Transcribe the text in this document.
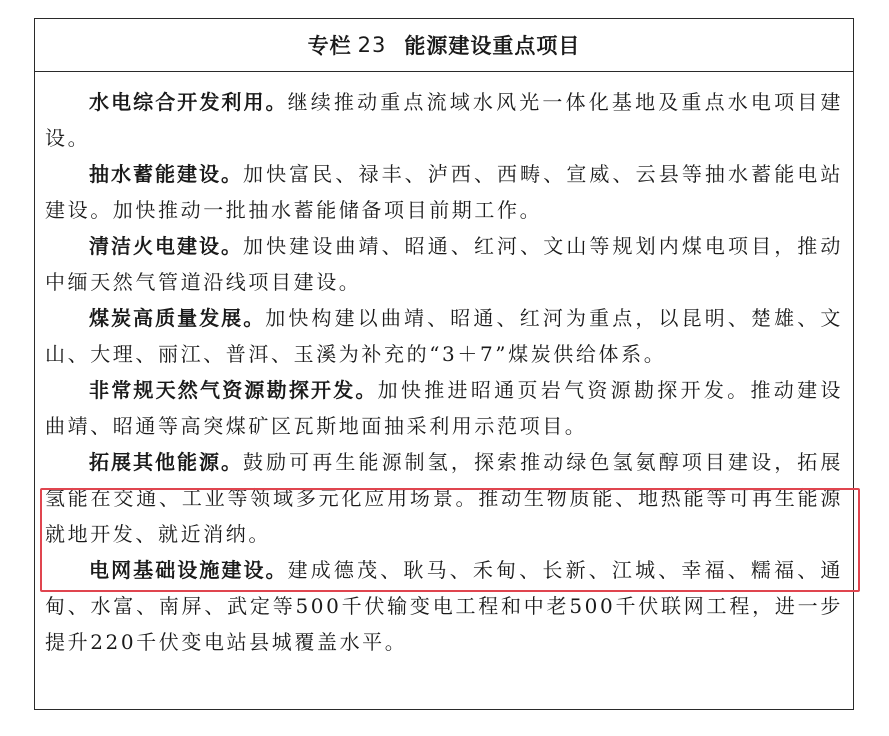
专栏 23 能源建设重点项目

水电综合开发利用。继续推动重点流域水风光一体化基地及重点水电项目建设。

抽水蓄能建设。加快富民、禄丰、泸西、西畴、宣威、云县等抽水蓄能电站建设。加快推动一批抽水蓄能储备项目前期工作。

清洁火电建设。加快建设曲靖、昭通、红河、文山等规划内煤电项目，推动中缅天然气管道沿线项目建设。

煤炭高质量发展。加快构建以曲靖、昭通、红河为重点，以昆明、楚雄、文山、大理、丽江、普洱、玉溪为补充的“3＋7”煤炭供给体系。

非常规天然气资源勘探开发。加快推进昭通页岩气资源勘探开发。推动建设曲靖、昭通等高突煤矿区瓦斯地面抽采利用示范项目。

拓展其他能源。鼓励可再生能源制氢，探索推动绿色氢氨醇项目建设，拓展氢能在交通、工业等领域多元化应用场景。推动生物质能、地热能等可再生能源就地开发、就近消纳。

电网基础设施建设。建成德茂、耿马、禾甸、长新、江城、幸福、糯福、通甸、水富、南屏、武定等500千伏输变电工程和中老500千伏联网工程，进一步提升220千伏变电站县城覆盖水平。
